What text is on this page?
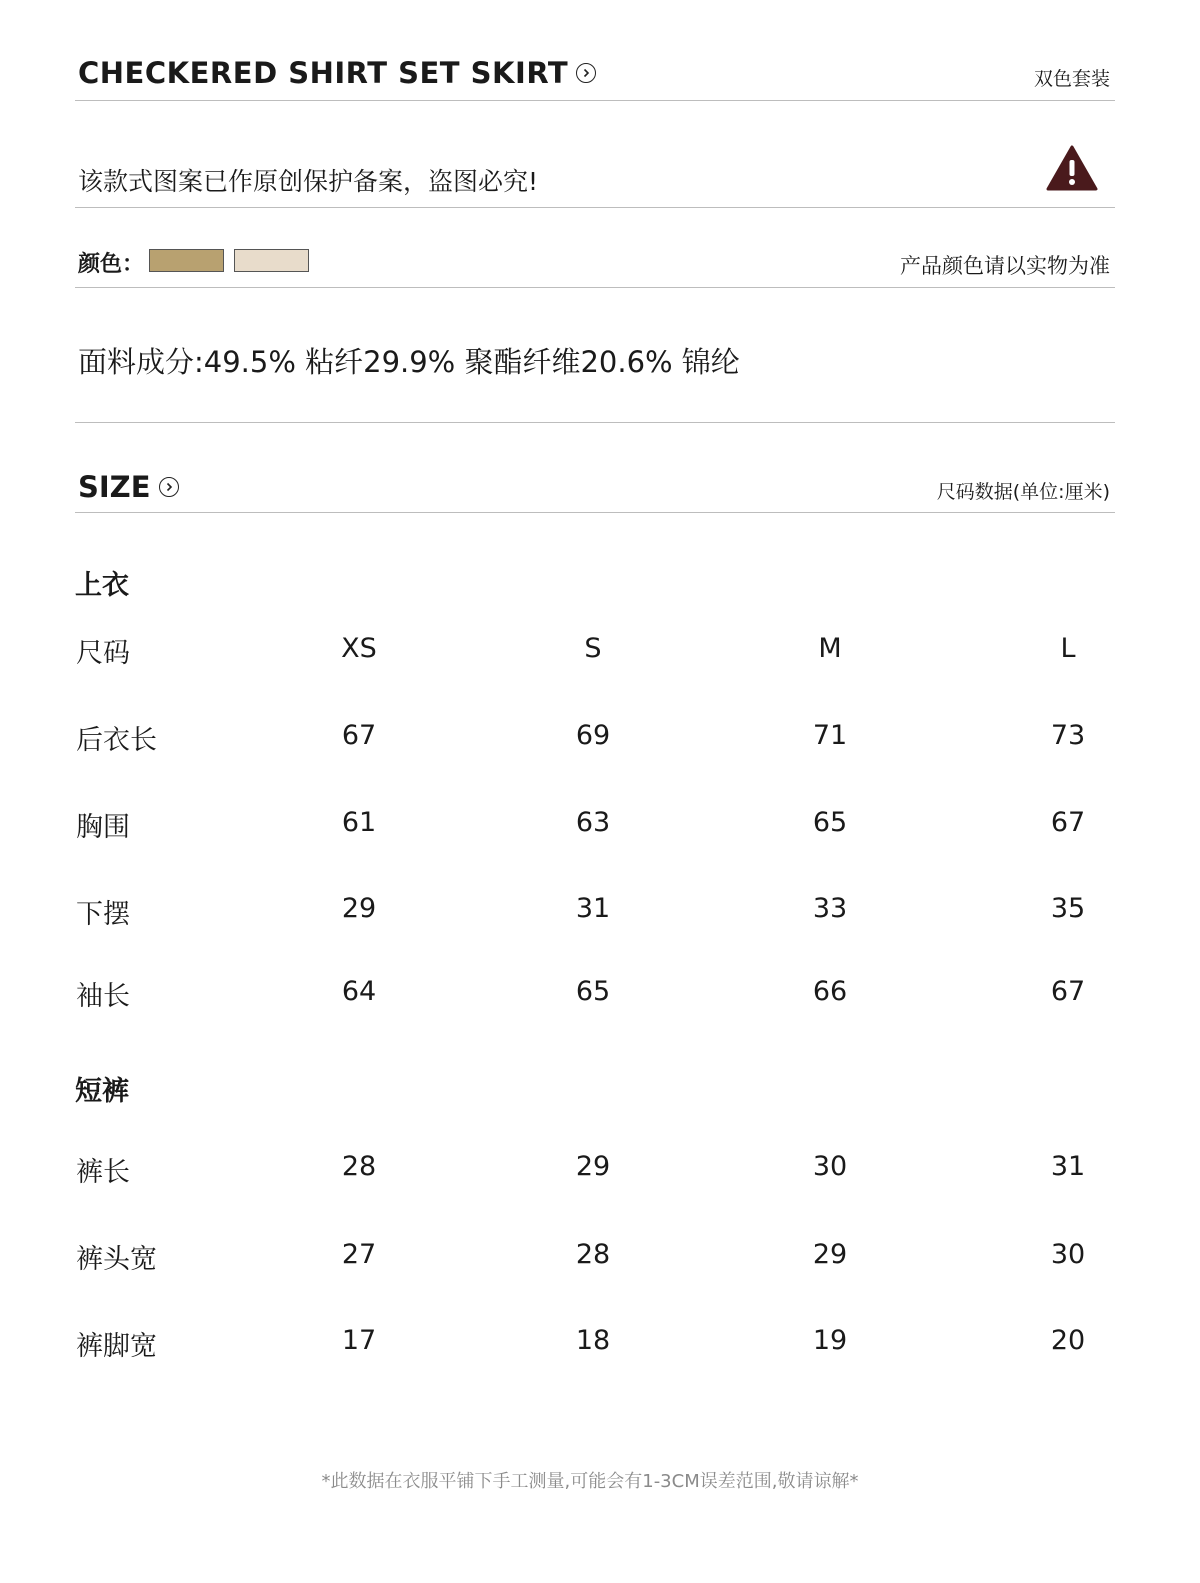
CHECKERED SHIRT SET SKIRT	双色套装
该款式图案已作原创保护备案，盗图必究!
颜色：	产品颜色请以实物为准
面料成分:49.5% 粘纤29.9% 聚酯纤维20.6% 锦纶
SIZE	尺码数据(单位:厘米)
上衣
尺码	XS	S	M	L
后衣长	67	69	71	73
胸围	61	63	65	67
下摆	29	31	33	35
袖长	64	65	66	67
短裤
裤长	28	29	30	31
裤头宽	27	28	29	30
裤脚宽	17	18	19	20
*此数据在衣服平铺下手工测量,可能会有1-3CM误差范围,敬请谅解*
